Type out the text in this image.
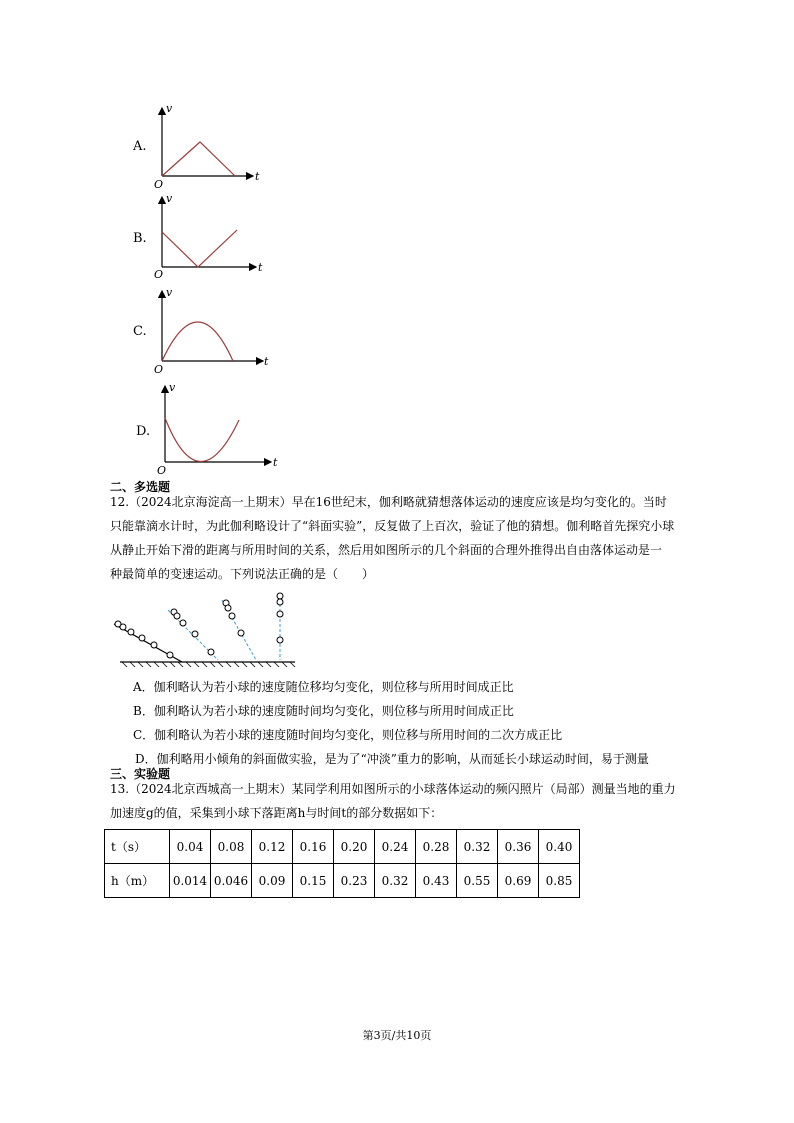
A.
v
t
O
B.
v
t
O
C.
v
t
O
D.
v
t
O
二、多选题
12.（2024北京海淀高一上期末）早在16世纪末，伽利略就猜想落体运动的速度应该是均匀变化的。当时
只能靠滴水计时，为此伽利略设计了“斜面实验”，反复做了上百次，验证了他的猜想。伽利略首先探究小球
从静止开始下滑的距离与所用时间的关系，然后用如图所示的几个斜面的合理外推得出自由落体运动是一
种最简单的变速运动。下列说法正确的是（　　）
A．伽利略认为若小球的速度随位移均匀变化，则位移与所用时间成正比
B．伽利略认为若小球的速度随时间均匀变化，则位移与所用时间成正比
C．伽利略认为若小球的速度随时间均匀变化，则位移与所用时间的二次方成正比
D．伽利略用小倾角的斜面做实验，是为了“冲淡”重力的影响，从而延长小球运动时间，易于测量
三、实验题
13.（2024北京西城高一上期末）某同学利用如图所示的小球落体运动的频闪照片（局部）测量当地的重力
加速度g的值，采集到小球下落距离h与时间t的部分数据如下：
t（s）	0.04	0.08	0.12	0.16	0.20	0.24	0.28	0.32	0.36	0.40
h（m）	0.014	0.046	0.09	0.15	0.23	0.32	0.43	0.55	0.69	0.85
第3页/共10页
